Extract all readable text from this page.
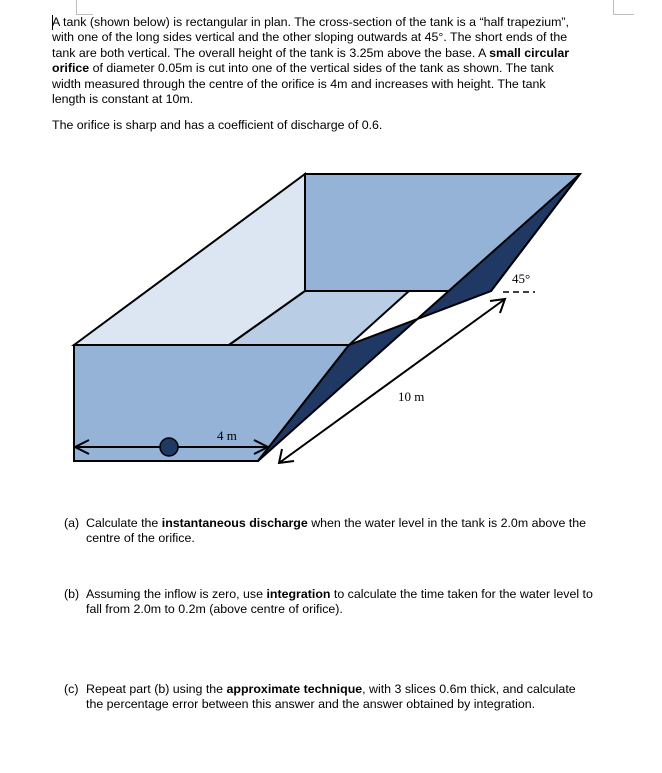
A tank (shown below) is rectangular in plan. The cross-section of the tank is a “half trapezium”, with one of the long sides vertical and the other sloping outwards at 45°. The short ends of the tank are both vertical. The overall height of the tank is 3.25m above the base. A small circular orifice of diameter 0.05m is cut into one of the vertical sides of the tank as shown. The tank width measured through the centre of the orifice is 4m and increases with height. The tank length is constant at 10m.

The orifice is sharp and has a coefficient of discharge of 0.6.

45°
10 m
4 m
(a) Calculate the instantaneous discharge when the water level in the tank is 2.0m above the centre of the orifice.
(b) Assuming the inflow is zero, use integration to calculate the time taken for the water level to fall from 2.0m to 0.2m (above centre of orifice).
(c) Repeat part (b) using the approximate technique, with 3 slices 0.6m thick, and calculate the percentage error between this answer and the answer obtained by integration.
